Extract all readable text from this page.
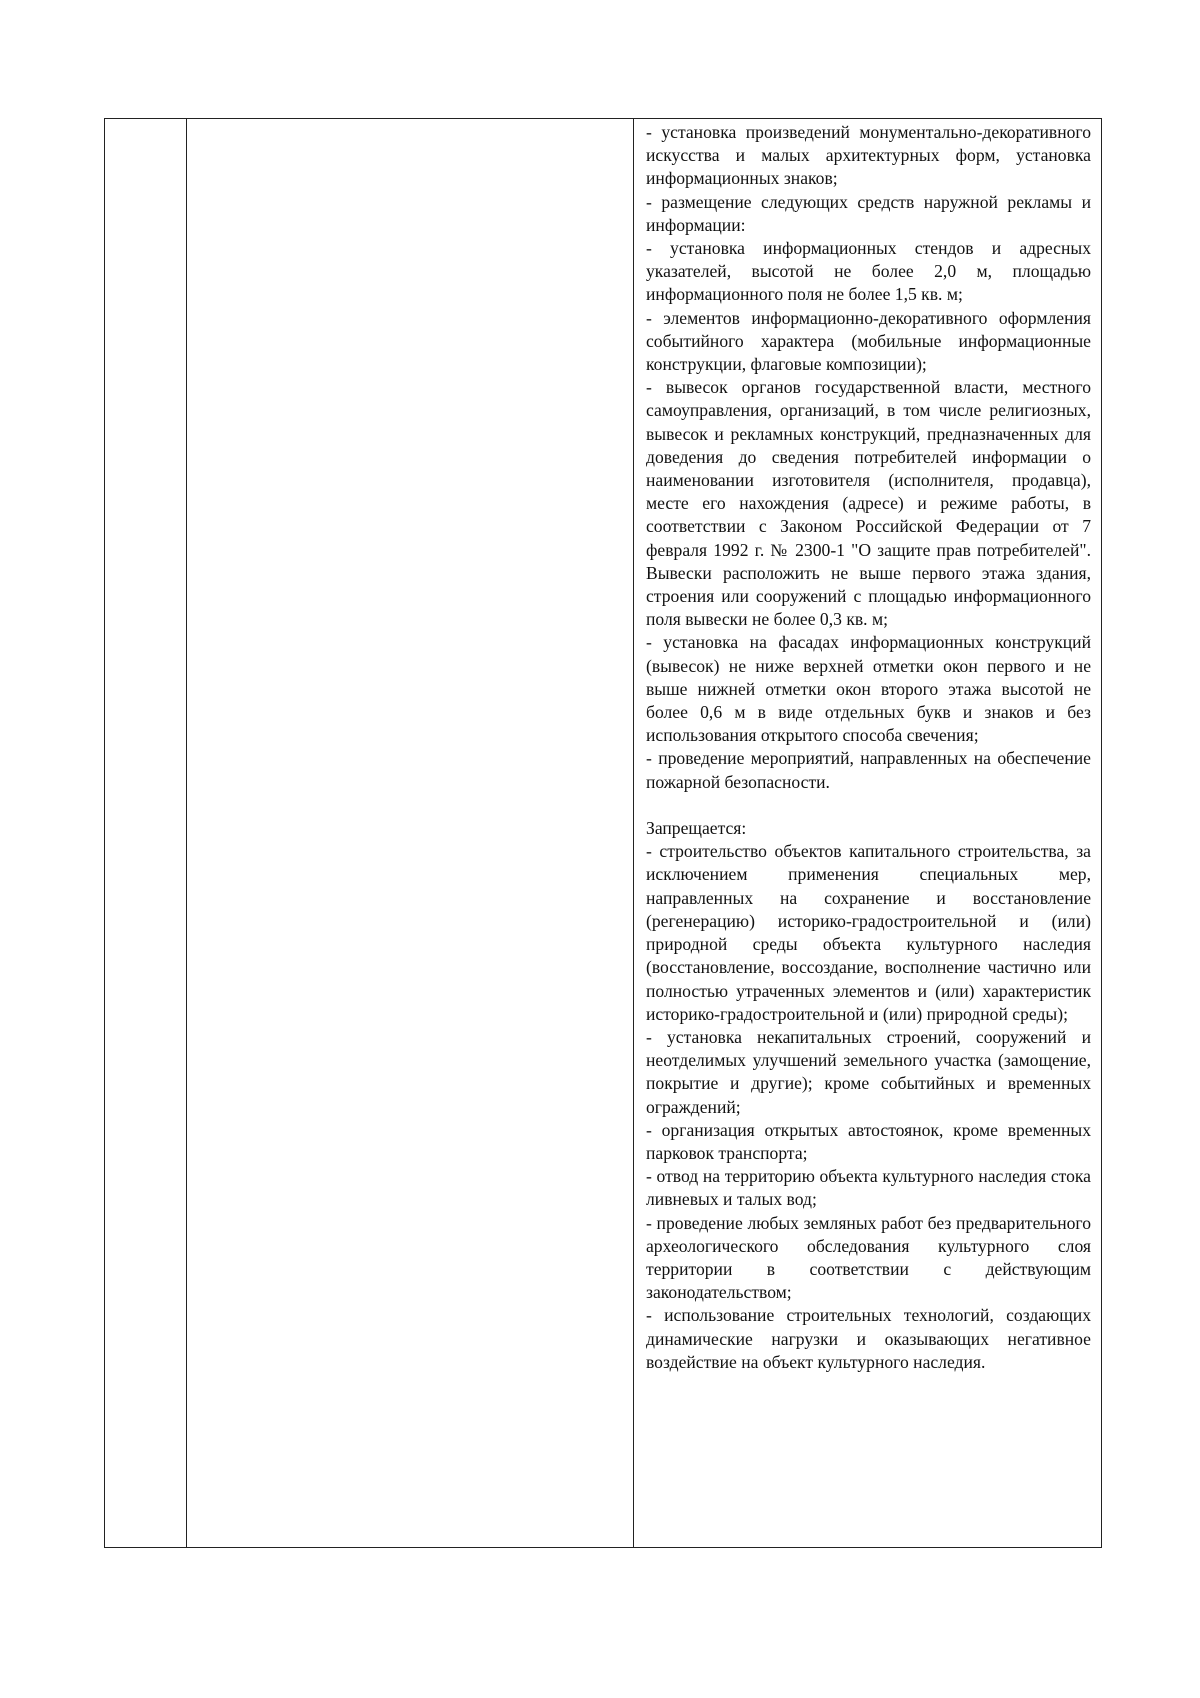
- установка произведений монументально-декоративного искусства и малых архитектурных форм, установка информационных знаков;

- размещение следующих средств наружной рекламы и информации:

- установка информационных стендов и адресных указателей, высотой не более 2,0 м, площадью информационного поля не более 1,5 кв. м;

- элементов информационно-декоративного оформления событийного характера (мобильные информационные конструкции, флаговые композиции);

- вывесок органов государственной власти, местного самоуправления, организаций, в том числе религиозных, вывесок и рекламных конструкций, предназначенных для доведения до сведения потребителей информации о наименовании изготовителя (исполнителя, продавца), месте его нахождения (адресе) и режиме работы, в соответствии с Законом Российской Федерации от 7 февраля 1992 г. № 2300-1 "О защите прав потребителей". Вывески расположить не выше первого этажа здания, строения или сооружений с площадью информационного поля вывески не более 0,3 кв. м;

- установка на фасадах информационных конструкций (вывесок) не ниже верхней отметки окон первого и не выше нижней отметки окон второго этажа высотой не более 0,6 м в виде отдельных букв и знаков и без использования открытого способа свечения;

- проведение мероприятий, направленных на обеспечение пожарной безопасности.

Запрещается:

- строительство объектов капитального строительства, за исключением применения специальных мер, направленных на сохранение и восстановление (регенерацию) историко-градостроительной и (или) природной среды объекта культурного наследия (восстановление, воссоздание, восполнение частично или полностью утраченных элементов и (или) характеристик историко-градостроительной и (или) природной среды);

- установка некапитальных строений, сооружений и неотделимых улучшений земельного участка (замощение, покрытие и другие); кроме событийных и временных ограждений;

- организация открытых автостоянок, кроме временных парковок транспорта;

- отвод на территорию объекта культурного наследия стока ливневых и талых вод;

- проведение любых земляных работ без предварительного археологического обследования культурного слоя территории в соответствии с действующим законодательством;

- использование строительных технологий, создающих динамические нагрузки и оказывающих негативное воздействие на объект культурного наследия.
